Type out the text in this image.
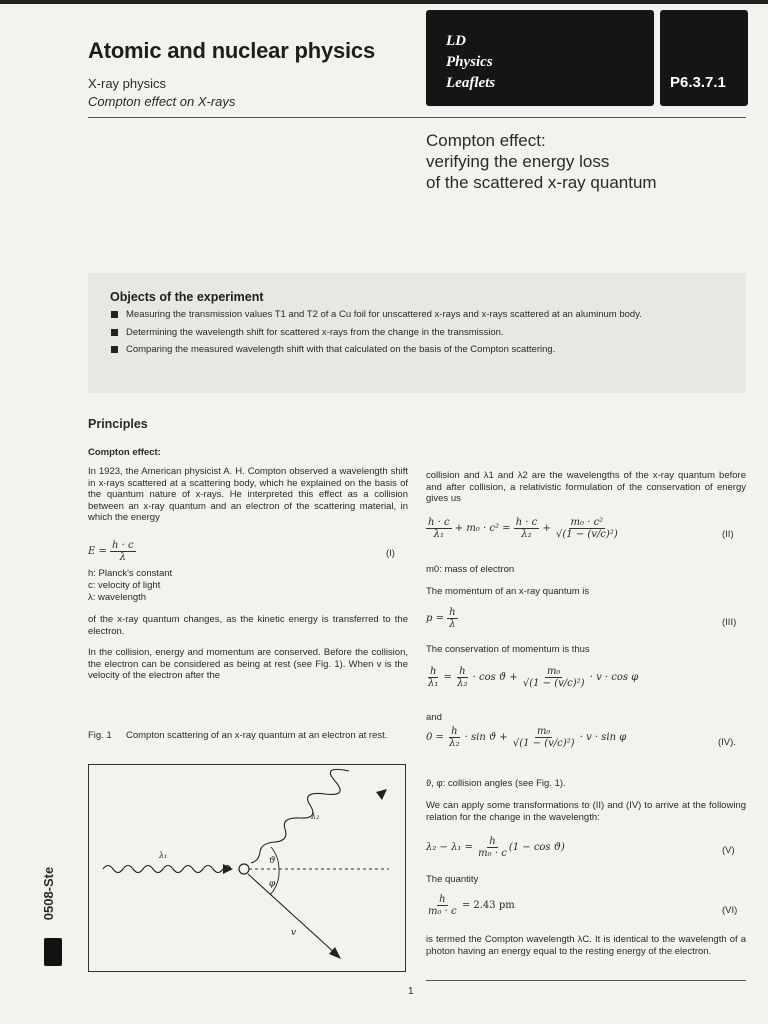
Atomic and nuclear physics
X-ray physics
Compton effect on X-rays
LD
Physics
Leaflets	P6.3.7.1
Compton effect:
verifying the energy loss
of the scattered x-ray quantum
Objects of the experiment
Measuring the transmission values T1 and T2 of a Cu foil for unscattered x-rays and x-rays scattered at an aluminum body.
Determining the wavelength shift for scattered x-rays from the change in the transmission.
Comparing the measured wavelength shift with that calculated on the basis of the Compton scattering.
Principles
Compton effect:
In 1923, the American physicist A. H. Compton observed a wavelength shift in x-rays scattered at a scattering body, which he explained on the basis of the quantum nature of x-rays. He interpreted this effect as a collision between an x-ray quantum and an electron of the scattering material, in which the energy
$E = \frac{h \cdot c}{\lambda}$	(I)
h: Planck's constant
c: velocity of light
λ: wavelength
of the x-ray quantum changes, as the kinetic energy is transferred to the electron.
In the collision, energy and momentum are conserved. Before the collision, the electron can be considered as being at rest (see Fig. 1). When v is the velocity of the electron after the
Fig. 1 Compton scattering of an x-ray quantum at an electron at rest.
ϑ
φ
λ₁
λ₂
v
collision and λ1 and λ2 are the wavelengths of the x-ray quantum before and after collision, a relativistic formulation of the conservation of energy gives us
$\frac{h \cdot c}{\text{λ₁}} + m_0 \cdot c^2 = \frac{h \cdot c}{\text{λ₂}} + \frac{\text{m₀ · c²}}{\text{√(1 − (v/c)²)}}$	(II)
m0: mass of electron
The momentum of an x-ray quantum is
$p = \frac{h}{\lambda}$	(III)
The conservation of momentum is thus
$\frac{h}{\text{λ₁}} = \frac{h}{\text{λ₂}} \cdot \cos ϑ + \frac{\text{m₀}}{\text{√(1 − (v/c)²)}} \cdot v \cdot \cos \varphi$
and
$0 = \frac{h}{\text{λ₂}} \cdot \sin ϑ + \frac{\text{m₀}}{\text{√(1 − (v/c)²)}} \cdot v \cdot \sin \varphi$	(IV).
ϑ, φ: collision angles (see Fig. 1).
We can apply some transformations to (II) and (IV) to arrive at the following relation for the change in the wavelength:
$\lambda_2 - \lambda_1 = \frac{h}{\text{m₀ · c}} (1 - \cos ϑ)$	(V)
The quantity
$\frac{h}{\text{m₀ · c}} = 2.43$ pm	(VI)
is termed the Compton wavelength λC. It is identical to the wavelength of a photon having an energy equal to the resting energy of the electron.
1
0508-Ste
